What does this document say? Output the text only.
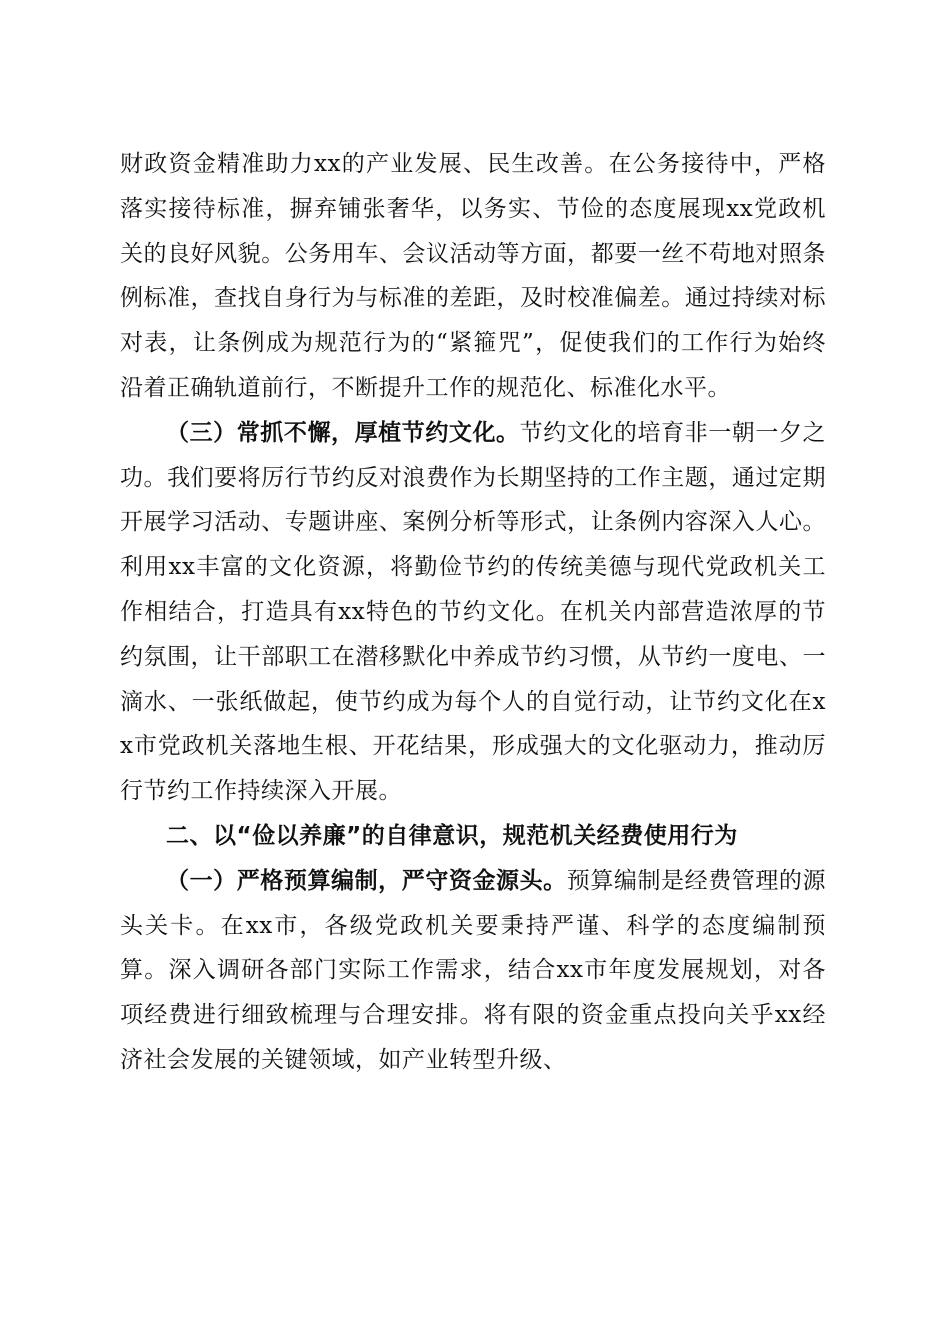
财政资金精准助力xx的产业发展、民生改善。在公务接待中，严格落实接待标准，摒弃铺张奢华，以务实、节俭的态度展现xx党政机关的良好风貌。公务用车、会议活动等方面，都要一丝不苟地对照条例标准，查找自身行为与标准的差距，及时校准偏差。通过持续对标对表，让条例成为规范行为的“紧箍咒”，促使我们的工作行为始终沿着正确轨道前行，不断提升工作的规范化、标准化水平。

（三）常抓不懈，厚植节约文化。节约文化的培育非一朝一夕之功。我们要将厉行节约反对浪费作为长期坚持的工作主题，通过定期开展学习活动、专题讲座、案例分析等形式，让条例内容深入人心。利用xx丰富的文化资源，将勤俭节约的传统美德与现代党政机关工作相结合，打造具有xx特色的节约文化。在机关内部营造浓厚的节约氛围，让干部职工在潜移默化中养成节约习惯，从节约一度电、一滴水、一张纸做起，使节约成为每个人的自觉行动，让节约文化在xx市党政机关落地生根、开花结果，形成强大的文化驱动力，推动厉行节约工作持续深入开展。

二、以“俭以养廉”的自律意识，规范机关经费使用行为

（一）严格预算编制，严守资金源头。预算编制是经费管理的源头关卡。在xx市，各级党政机关要秉持严谨、科学的态度编制预算。深入调研各部门实际工作需求，结合xx市年度发展规划，对各项经费进行细致梳理与合理安排。将有限的资金重点投向关乎xx经济社会发展的关键领域，如产业转型升级、
